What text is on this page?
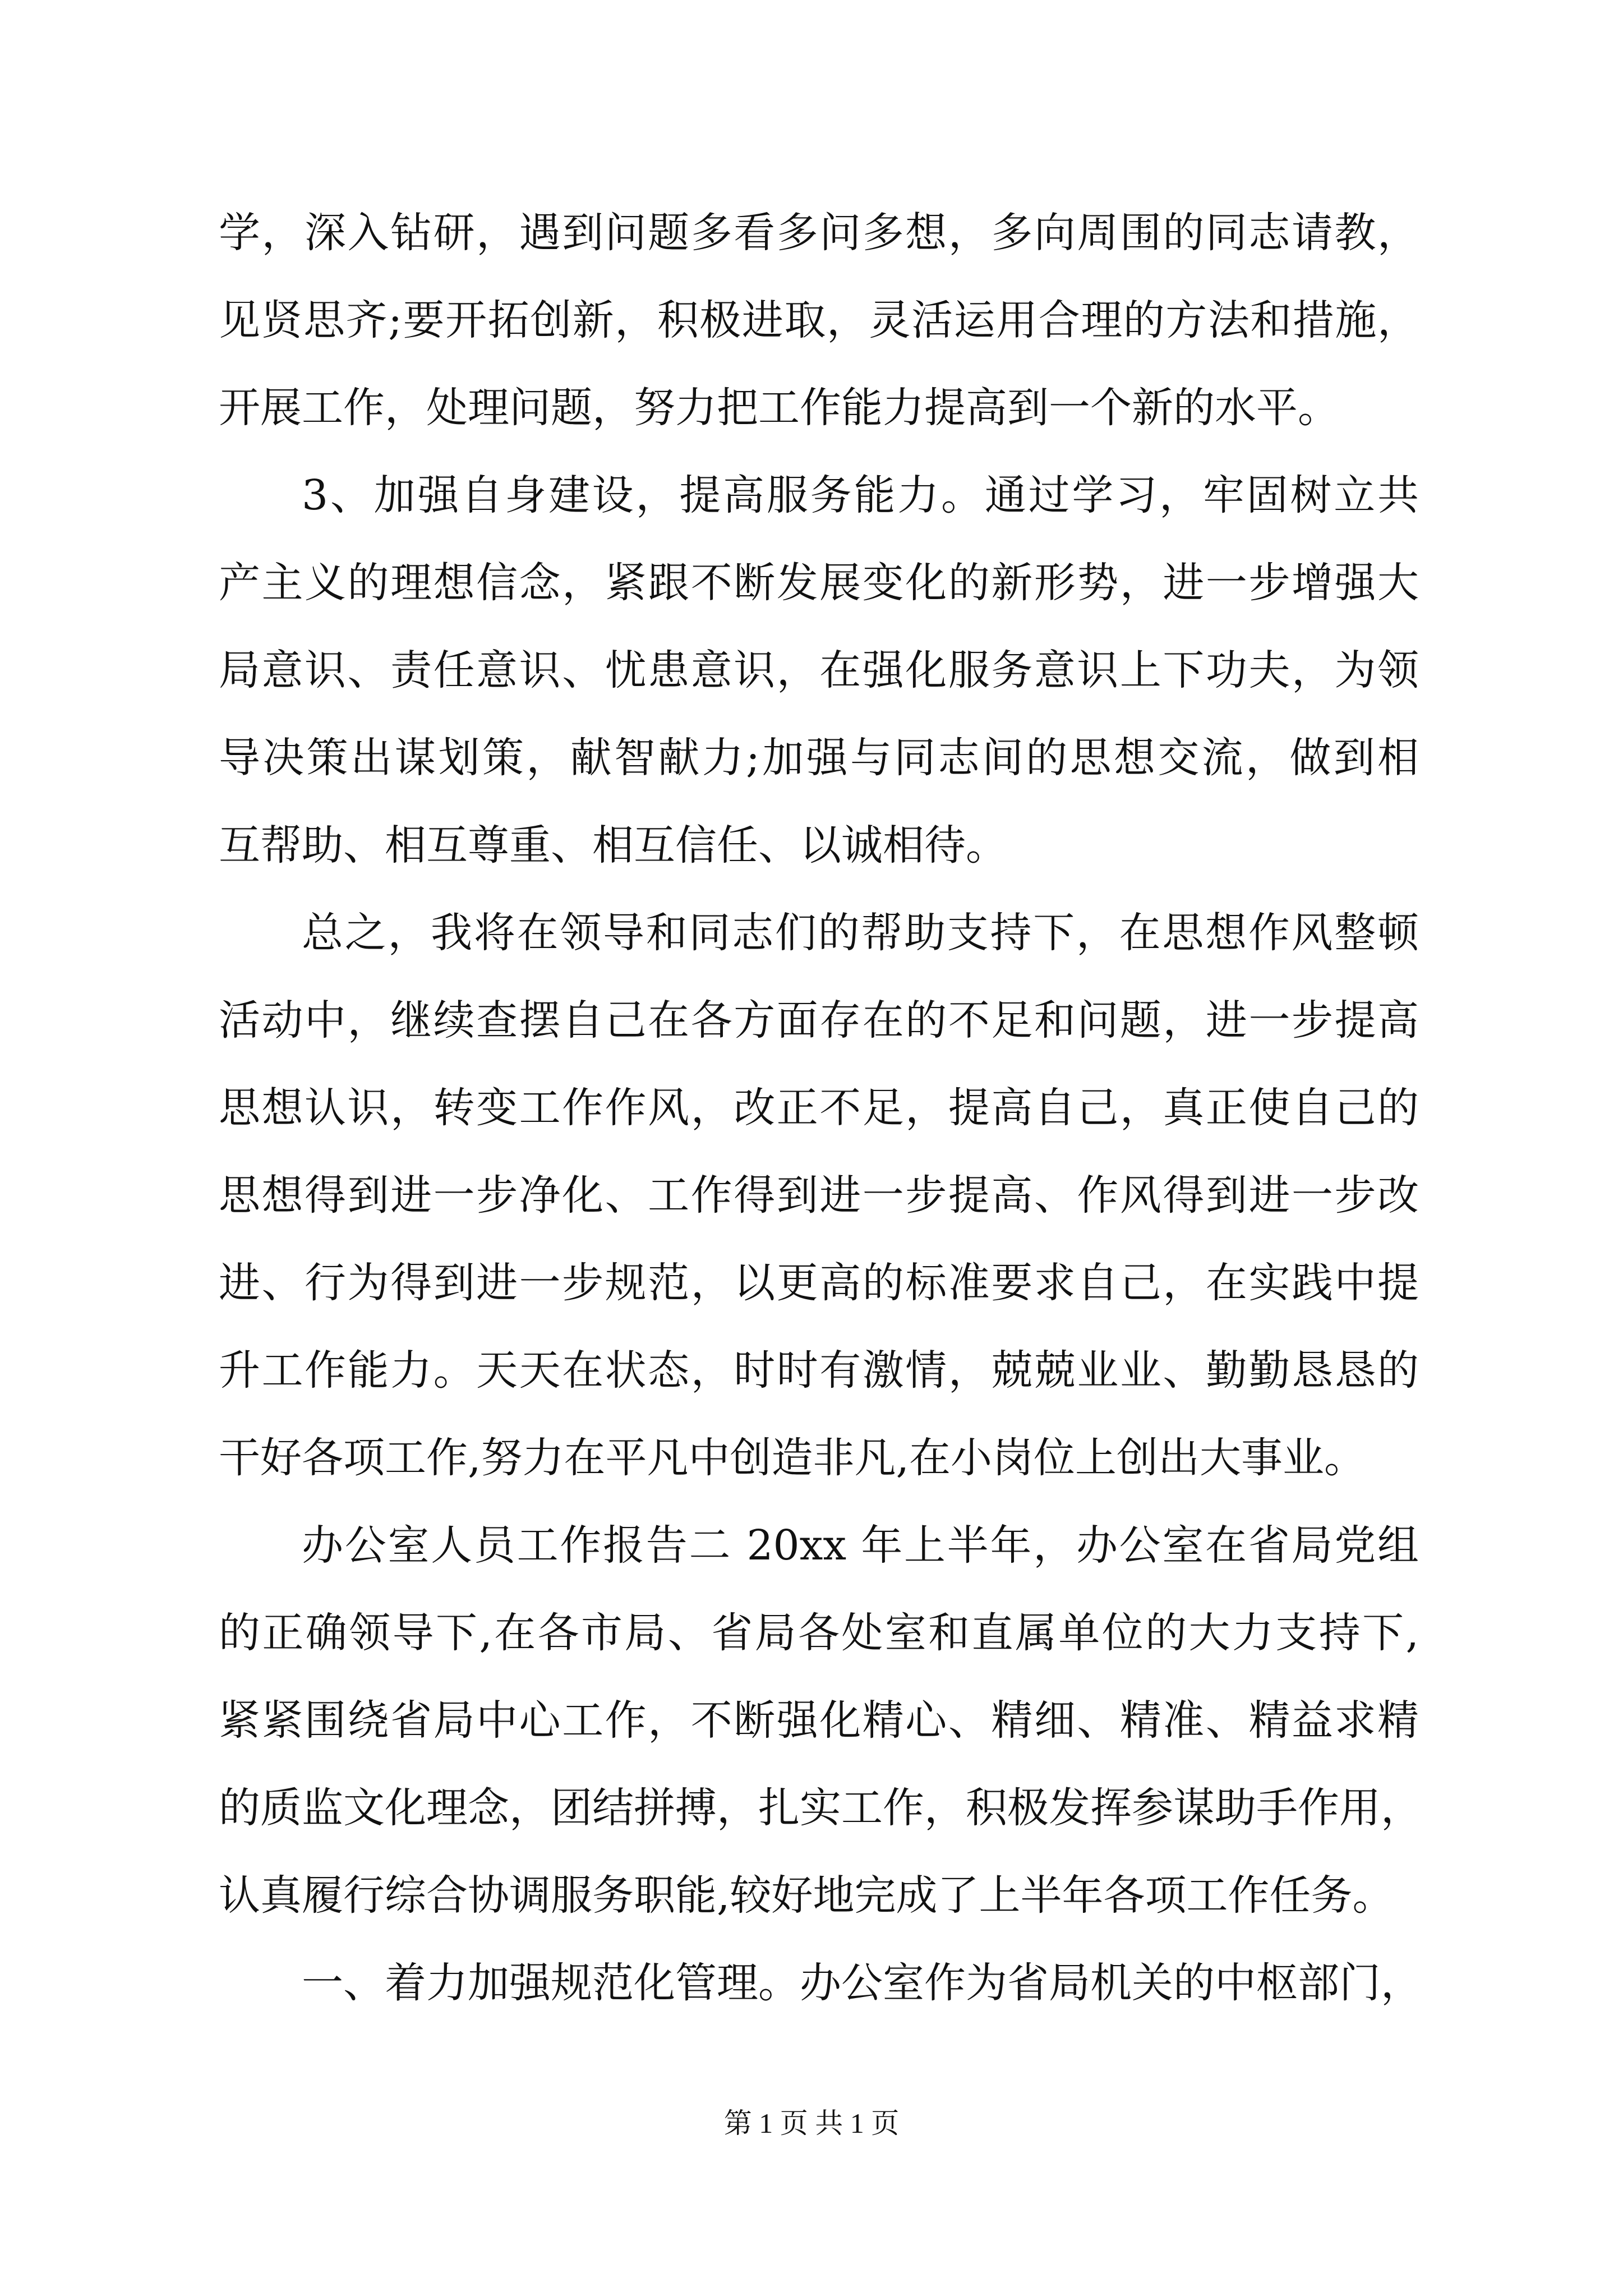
学，深入钻研，遇到问题多看多问多想，多向周围的同志请教，
见贤思齐;要开拓创新，积极进取，灵活运用合理的方法和措施，
开展工作，处理问题，努力把工作能力提高到一个新的水平。
3、加强自身建设，提高服务能力。通过学习，牢固树立共
产主义的理想信念，紧跟不断发展变化的新形势，进一步增强大
局意识、责任意识、忧患意识，在强化服务意识上下功夫，为领
导决策出谋划策，献智献力;加强与同志间的思想交流，做到相
互帮助、相互尊重、相互信任、以诚相待。
总之，我将在领导和同志们的帮助支持下，在思想作风整顿
活动中，继续查摆自己在各方面存在的不足和问题，进一步提高
思想认识，转变工作作风，改正不足，提高自己，真正使自己的
思想得到进一步净化、工作得到进一步提高、作风得到进一步改
进、行为得到进一步规范，以更高的标准要求自己，在实践中提
升工作能力。天天在状态，时时有激情，兢兢业业、勤勤恳恳的
干好各项工作,努力在平凡中创造非凡,在小岗位上创出大事业。
办公室人员工作报告二 20xx 年上半年，办公室在省局党组
的正确领导下,在各市局、省局各处室和直属单位的大力支持下,
紧紧围绕省局中心工作，不断强化精心、精细、精准、精益求精
的质监文化理念，团结拼搏，扎实工作，积极发挥参谋助手作用，
认真履行综合协调服务职能,较好地完成了上半年各项工作任务。
一、着力加强规范化管理。办公室作为省局机关的中枢部门，
第 1 页 共 1 页
